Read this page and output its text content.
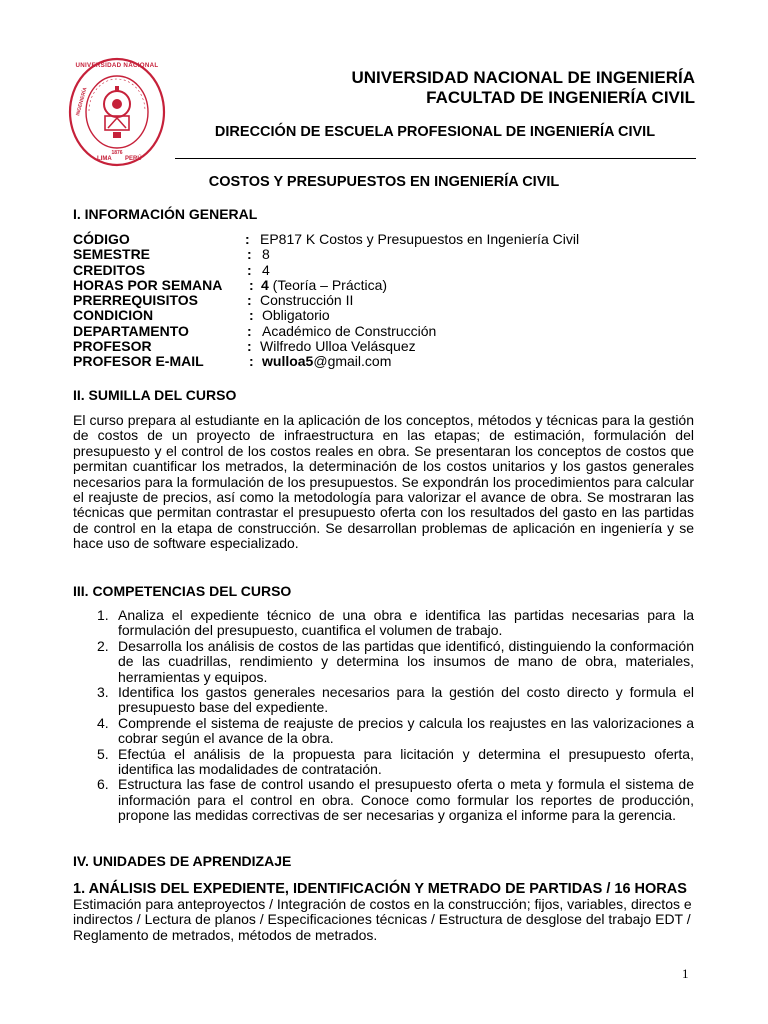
UNIVERSIDAD NACIONAL
INGENIERÍA
LIMA PERÚ
1876
UNIVERSIDAD NACIONAL DE INGENIERÍA
FACULTAD DE INGENIERÍA CIVIL
DIRECCIÓN DE ESCUELA PROFESIONAL DE INGENIERÍA CIVIL
COSTOS Y PRESUPUESTOS EN INGENIERÍA CIVIL
I. INFORMACIÓN GENERAL
CÓDIGO	: EP817 K Costos y Presupuestos en Ingeniería Civil
SEMESTRE	: 8
CREDITOS	: 4
HORAS POR SEMANA : 4 (Teoría – Práctica)
PRERREQUISITOS	: Construcción II
CONDICION	: Obligatorio
DEPARTAMENTO	: Académico de Construcción
PROFESOR	: Wilfredo Ulloa Velásquez
PROFESOR E-MAIL	: wulloa5@gmail.com
II. SUMILLA DEL CURSO

El curso prepara al estudiante en la aplicación de los conceptos, métodos y técnicas para la gestión de costos de un proyecto de infraestructura en las etapas; de estimación, formulación del presupuesto y el control de los costos reales en obra. Se presentaran los conceptos de costos que permitan cuantificar los metrados, la determinación de los costos unitarios y los gastos generales necesarios para la formulación de los presupuestos. Se expondrán los procedimientos para calcular el reajuste de precios, así como la metodología para valorizar el avance de obra. Se mostraran las técnicas que permitan contrastar el presupuesto oferta con los resultados del gasto en las partidas de control en la etapa de construcción. Se desarrollan problemas de aplicación en ingeniería y se hace uso de software especializado.

III. COMPETENCIAS DEL CURSO
1. Analiza el expediente técnico de una obra e identifica las partidas necesarias para la formulación del presupuesto, cuantifica el volumen de trabajo.
2. Desarrolla los análisis de costos de las partidas que identificó, distinguiendo la conformación de las cuadrillas, rendimiento y determina los insumos de mano de obra, materiales, herramientas y equipos.
3. Identifica los gastos generales necesarios para la gestión del costo directo y formula el presupuesto base del expediente.
4. Comprende el sistema de reajuste de precios y calcula los reajustes en las valorizaciones a cobrar según el avance de la obra.
5. Efectúa el análisis de la propuesta para licitación y determina el presupuesto oferta, identifica las modalidades de contratación.
6. Estructura las fase de control usando el presupuesto oferta o meta y formula el sistema de información para el control en obra. Conoce como formular los reportes de producción, propone las medidas correctivas de ser necesarias y organiza el informe para la gerencia.
IV. UNIDADES DE APRENDIZAJE
1. ANÁLISIS DEL EXPEDIENTE, IDENTIFICACIÓN Y METRADO DE PARTIDAS / 16 HORAS

Estimación para anteproyectos / Integración de costos en la construcción; fijos, variables, directos e indirectos / Lectura de planos / Especificaciones técnicas / Estructura de desglose del trabajo EDT / Reglamento de metrados, métodos de metrados.

1
